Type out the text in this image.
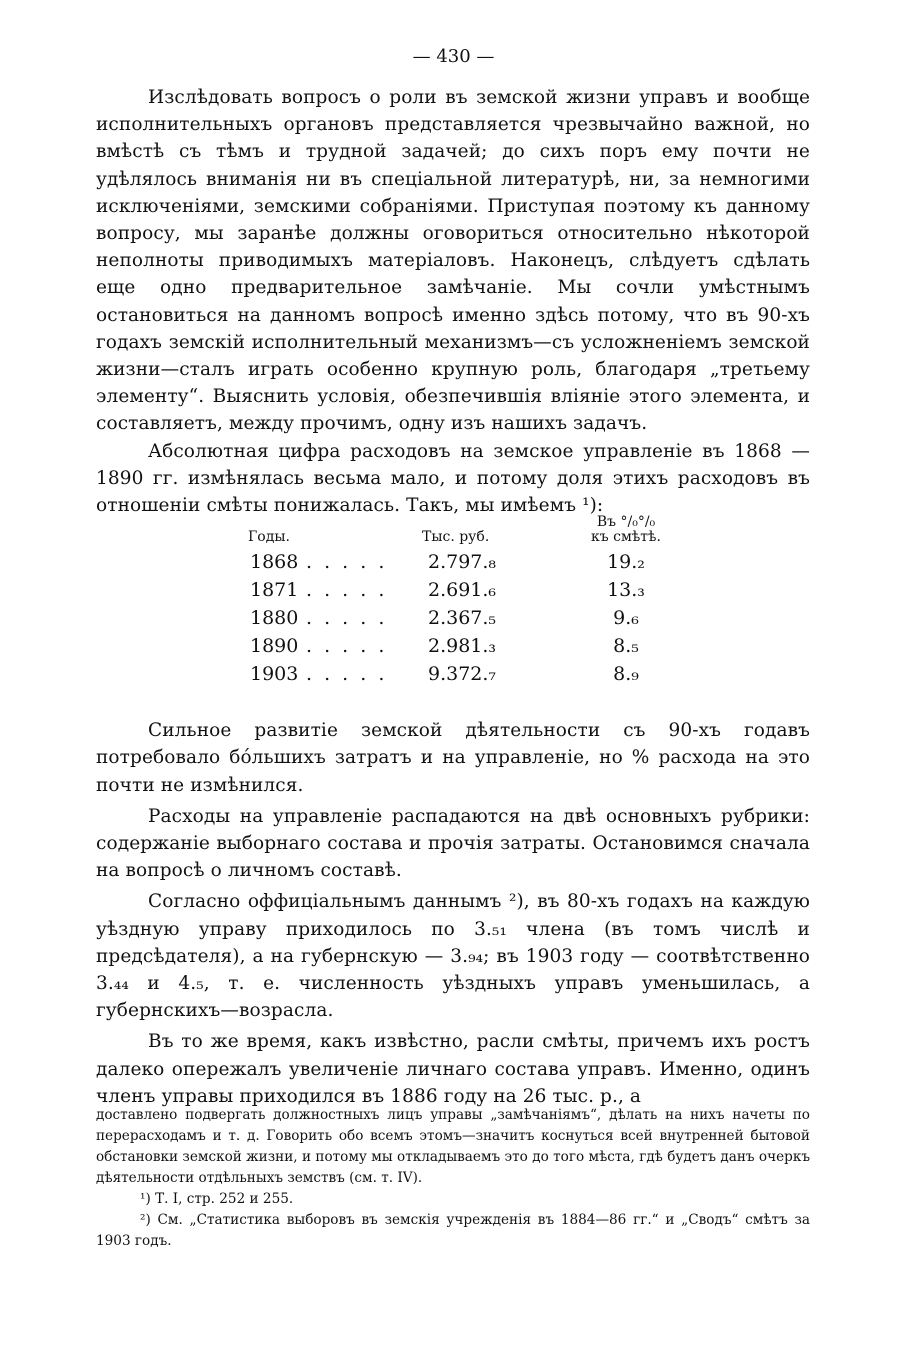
— 430 —

Изслѣдовать вопросъ о роли въ земской жизни управъ и вообще исполнительныхъ органовъ представляется чрезвычайно важной, но вмѣстѣ съ тѣмъ и трудной задачей; до сихъ поръ ему почти не удѣлялось вниманія ни въ спеціальной литературѣ, ни, за немногими исключеніями, земскими собраніями. Приступая поэтому къ данному вопросу, мы заранѣе должны оговориться относительно нѣкоторой неполноты приводимыхъ матеріаловъ. Наконецъ, слѣдуетъ сдѣлать еще одно предварительное замѣчаніе. Мы сочли умѣстнымъ остановиться на данномъ вопросѣ именно здѣсь потому, что въ 90-хъ годахъ земскій исполнительный механизмъ—съ усложненіемъ земской жизни—сталъ играть особенно крупную роль, благодаря „третьему элементу“. Выяснить условія, обезпечившія вліяніе этого элемента, и составляетъ, между прочимъ, одну изъ нашихъ задачъ.

Абсолютная цифра расходовъ на земское управленіе въ 1868 — 1890 гг. измѣнялась весьма мало, и потому доля этихъ расходовъ въ отношеніи смѣты понижалась. Такъ, мы имѣемъ ¹):

Годы.	Тыс. руб.
Въ °/₀°/₀
къ смѣтѣ.
1868 . . . . . 2.797.₈	19.₂
1871 . . . . . 2.691.₆	13.₃
1880 . . . . . 2.367.₅	9.₆
1890 . . . . . 2.981.₃	8.₅
1903 . . . . . 9.372.₇	8.₉

Сильное развитіе земской дѣятельности съ 90-хъ годавъ потребовало бо́льшихъ затратъ и на управленіе, но % расхода на это почти не измѣнился.

Расходы на управленіе распадаются на двѣ основныхъ рубрики: содержаніе выборнаго состава и прочія затраты. Остановимся сначала на вопросѣ о личномъ составѣ.

Согласно оффиціальнымъ даннымъ ²), въ 80-хъ годахъ на каждую уѣздную управу приходилось по 3.₅₁ члена (въ томъ числѣ и предсѣдателя), а на губернскую — 3.₉₄; въ 1903 году — соотвѣтственно 3.₄₄ и 4.₅, т. е. численность уѣздныхъ управъ уменьшилась, а губернскихъ—возрасла.

Въ то же время, какъ извѣстно, расли смѣты, причемъ ихъ ростъ далеко опережалъ увеличеніе личнаго состава управъ. Именно, одинъ членъ управы приходился въ 1886 году на 26 тыс. р., а

доставлено подвергать должностныхъ лицъ управы „замѣчаніямъ“, дѣлать на нихъ начеты по перерасходамъ и т. д. Говорить обо всемъ этомъ—значитъ коснуться всей внутренней бытовой обстановки земской жизни, и потому мы откладываемъ это до того мѣста, гдѣ будетъ данъ очеркъ дѣятельности отдѣльныхъ земствъ (см. т. IV).

¹) Т. I, стр. 252 и 255.

²) См. „Статистика выборовъ въ земскія учрежденія въ 1884—86 гг.“ и „Сводъ“ смѣтъ за 1903 годъ.
